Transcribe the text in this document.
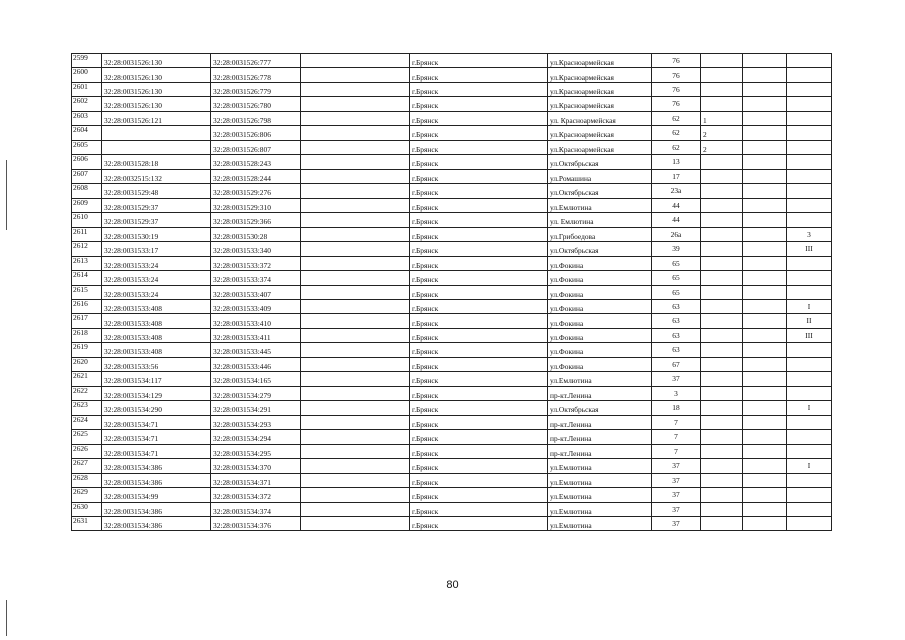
2599	32:28:0031526:130	32:28:0031526:777		г.Брянск	ул.Красноармейская	76			
2600	32:28:0031526:130	32:28:0031526:778		г.Брянск	ул.Красноармейская	76			
2601	32:28:0031526:130	32:28:0031526:779		г.Брянск	ул.Красноармейская	76			
2602	32:28:0031526:130	32:28:0031526:780		г.Брянск	ул.Красноармейская	76			
2603	32:28:0031526:121	32:28:0031526:798		г.Брянск	ул. Красноармейская	62	1		
2604		32:28:0031526:806		г.Брянск	ул.Красноармейская	62	2		
2605		32:28:0031526:807		г.Брянск	ул.Красноармейская	62	2		
2606	32:28:0031528:18	32:28:0031528:243		г.Брянск	ул.Октябрьская	13			
2607	32:28:0032515:132	32:28:0031528:244		г.Брянск	ул.Ромашина	17			
2608	32:28:0031529:48	32:28:0031529:276		г.Брянск	ул.Октябрьская	23а			
2609	32:28:0031529:37	32:28:0031529:310		г.Брянск	ул.Емлютина	44			
2610	32:28:0031529:37	32:28:0031529:366		г.Брянск	ул. Емлютина	44			
2611	32:28:0031530:19	32:28:0031530:28		г.Брянск	ул.Грибоедова	26а			3
2612	32:28:0031533:17	32:28:0031533:340		г.Брянск	ул.Октябрьская	39			III
2613	32:28:0031533:24	32:28:0031533:372		г.Брянск	ул.Фокина	65			
2614	32:28:0031533:24	32:28:0031533:374		г.Брянск	ул.Фокина	65			
2615	32:28:0031533:24	32:28:0031533:407		г.Брянск	ул.Фокина	65			
2616	32:28:0031533:408	32:28:0031533:409		г.Брянск	ул.Фокина	63			I
2617	32:28:0031533:408	32:28:0031533:410		г.Брянск	ул.Фокина	63			II
2618	32:28:0031533:408	32:28:0031533:411		г.Брянск	ул.Фокина	63			III
2619	32:28:0031533:408	32:28:0031533:445		г.Брянск	ул.Фокина	63			
2620	32:28:0031533:56	32:28:0031533:446		г.Брянск	ул.Фокина	67			
2621	32:28:0031534:117	32:28:0031534:165		г.Брянск	ул.Емлютина	37			
2622	32:28:0031534:129	32:28:0031534:279		г.Брянск	пр-кт.Ленина	3			
2623	32:28:0031534:290	32:28:0031534:291		г.Брянск	ул.Октябрьская	18			I
2624	32:28:0031534:71	32:28:0031534:293		г.Брянск	пр-кт.Ленина	7			
2625	32:28:0031534:71	32:28:0031534:294		г.Брянск	пр-кт.Ленина	7			
2626	32:28:0031534:71	32:28:0031534:295		г.Брянск	пр-кт.Ленина	7			
2627	32:28:0031534:386	32:28:0031534:370		г.Брянск	ул.Емлютина	37			I
2628	32:28:0031534:386	32:28:0031534:371		г.Брянск	ул.Емлютина	37			
2629	32:28:0031534:99	32:28:0031534:372		г.Брянск	ул.Емлютина	37			
2630	32:28:0031534:386	32:28:0031534:374		г.Брянск	ул.Емлютина	37			
2631	32:28:0031534:386	32:28:0031534:376		г.Брянск	ул.Емлютина	37			
80
